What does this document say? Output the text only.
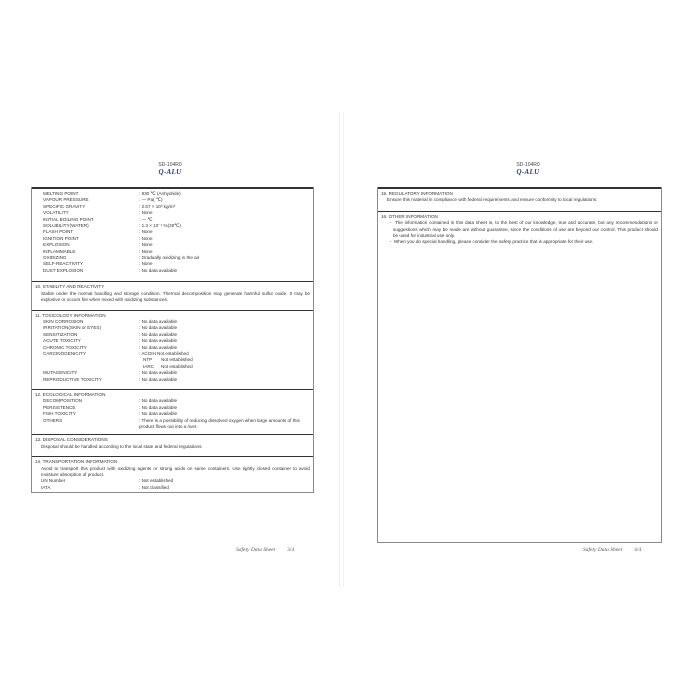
SD-104R0
Q-ALU
MELTING POINT	: 930 ℃ (Anhydride)
VAPOUR PRESSURE	: — Pa( ℃)
SPECIFIC GRAVITY	: 2.57 × 10³ kg/m³
VOLATILITY	: None
INITIAL BOILING POINT	: — ℃
SOLUBILITY(WATER)	: 1.3 × 10⁻¹ %(30℃)
FLASH POINT	: None
IGNITION POINT	: None
EXPLOSION	: None
INFLAMMABLE	: None
OXIDIZING	: Gradually oxidizing in the air
SELF-REACTIVITY	: None
DUST EXPLOSION	: No data available
10. STABILITY AND REACTIVITY
Stable under the normal handling and storage condition. Thermal decomposition may generate harmful sulfur oxide. It may be explosive or occurs fire when mixed with oxidizing substances.
11. TOXICOLOGY INFORMATION
SKIN CORROSION	: No data available
IRRITATION(SKIN or EYES)	: No data available
SENSITIZATION	: No data available
ACUTE TOXICITY	: No data available
CHRONIC TOXICITY	: No data available
CARCINOGENICITY	: ACGIH Not established
NTP	Not established
IARC	Not established
MUTAGENICITY	: No data available
REPRODUCTIVE TOXICITY	: No data available
12. ECOLOGICAL INFORMATION
DECOMPOSITION	: No data available
PERSISTENCE	: No data available
FISH TOXICITY	: No data available
OTHERS	: There is a possibility of reducing dissolved oxygen when large amounts of this product flows out into a river.
13. DISPOSAL CONSIDERATIONS
Disposal should be handled according to the local state and federal regulations.
14. TRANSPORTATION INFORMATION
Avoid to transport this product with oxidizing agents or strong acids on same containers. Use tightly closed container to avoid moisture absorption of product.
UN Number	: Not established
IATA	: Not classified
Safety Data Sheet 3/4
SD-104R0
Q-ALU
15. REGULATORY INFORMATION
Ensure this material in compliance with federal requirements and ensure conformity to local regulations.
16. OTHER INFORMATION
・ The information contained in this data sheet is, to the best of our knowledge, true and accurate, but any recommendations or suggestions which may be made are without guarantee, since the conditions of use are beyond our control. This product should be used for industrial use only.
・ When you do special handling, please consider the safety practice that is appropriate for their use.
Safety Data Sheet 4/4
